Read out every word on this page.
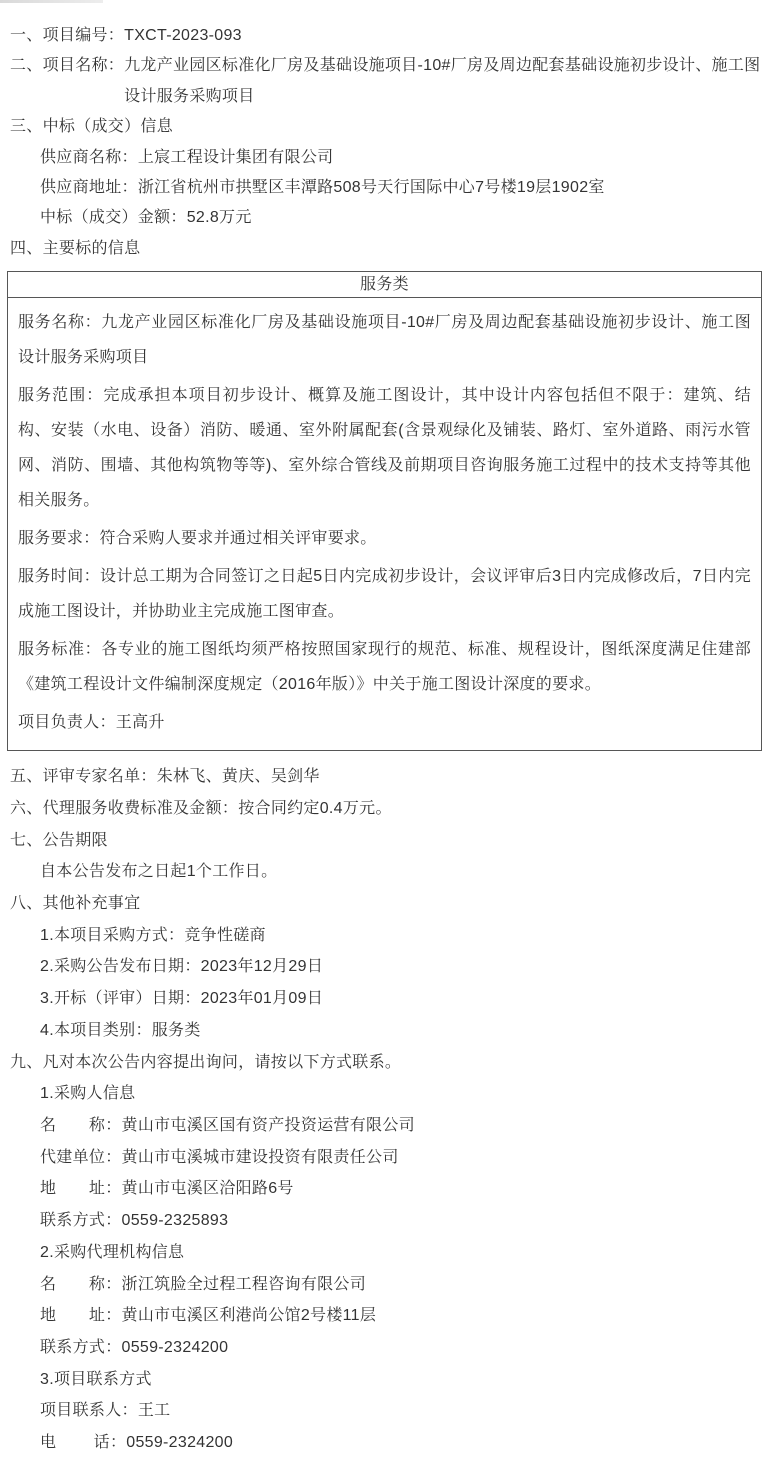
一、项目编号：TXCT-2023-093
二、 项目名称： 九龙产业园区标准化厂房及基础设施项目-10#厂房及周边配套基础设施初步设计、施工图设计服务采购项目
三、中标（成交）信息
供应商名称：上宸工程设计集团有限公司
供应商地址：浙江省杭州市拱墅区丰潭路508号天行国际中心7号楼19层1902室
中标（成交）金额：52.8万元
四、主要标的信息
服务类

服务名称：九龙产业园区标准化厂房及基础设施项目-10#厂房及周边配套基础设施初步设计、施工图设计服务采购项目

服务范围：完成承担本项目初步设计、概算及施工图设计，其中设计内容包括但不限于：建筑、结构、安装（水电、设备）消防、暖通、室外附属配套(含景观绿化及铺装、路灯、室外道路、雨污水管网、消防、围墙、其他构筑物等等)、室外综合管线及前期项目咨询服务施工过程中的技术支持等其他相关服务。

服务要求：符合采购人要求并通过相关评审要求。

服务时间：设计总工期为合同签订之日起5日内完成初步设计，会议评审后3日内完成修改后，7日内完成施工图设计，并协助业主完成施工图审查。

服务标准：各专业的施工图纸均须严格按照国家现行的规范、标准、规程设计，图纸深度满足住建部《建筑工程设计文件编制深度规定（2016年版）》中关于施工图设计深度的要求。

项目负责人：王高升

五、评审专家名单：朱林飞、黄庆、吴剑华
六、代理服务收费标准及金额：按合同约定0.4万元。
七、公告期限
自本公告发布之日起1个工作日。
八、其他补充事宜
1.本项目采购方式：竞争性磋商
2.采购公告发布日期：2023年12月29日
3.开标（评审）日期：2023年01月09日
4.本项目类别：服务类
九、凡对本次公告内容提出询问，请按以下方式联系。
1.采购人信息
名　　称：黄山市屯溪区国有资产投资运营有限公司
代建单位：黄山市屯溪城市建设投资有限责任公司
地　　址：黄山市屯溪区洽阳路6号
联系方式：0559-2325893
2.采购代理机构信息
名　　称：浙江筑脸全过程工程咨询有限公司
地　　址：黄山市屯溪区利港尚公馆2号楼11层
联系方式：0559-2324200
3.项目联系方式
项目联系人：王工
电　　 话：0559-2324200
